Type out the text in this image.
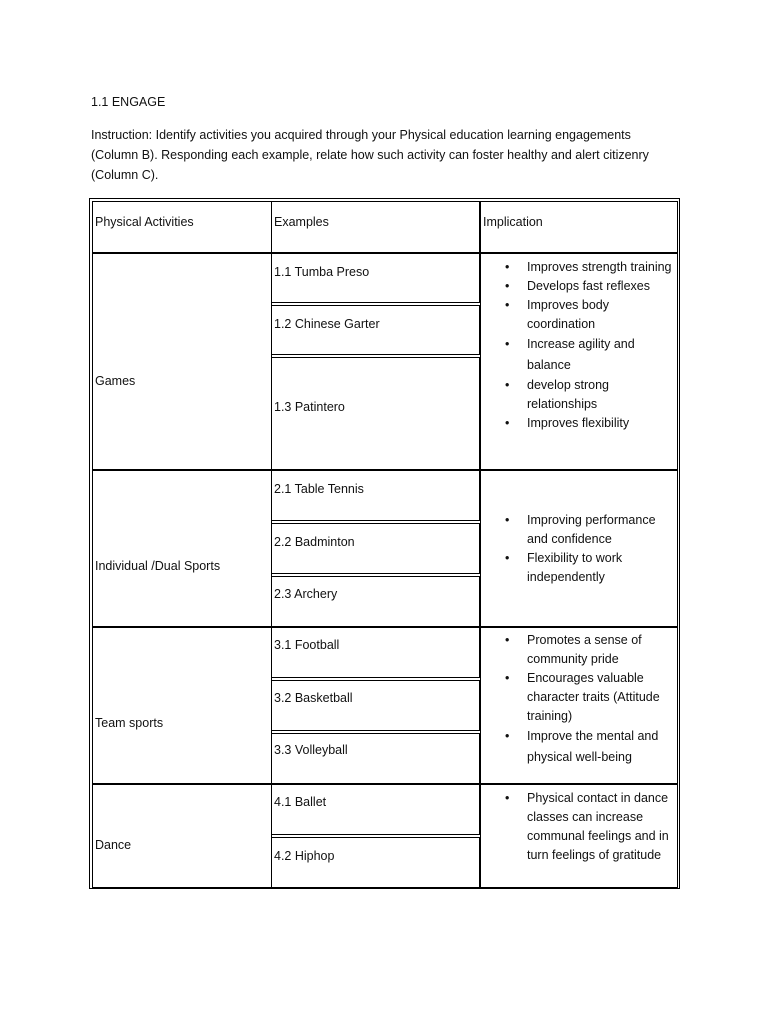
1.1 ENGAGE
Instruction: Identify activities you acquired through your Physical education learning engagements (Column B). Responding each example, relate how such activity can foster healthy and alert citizenry (Column C).
Physical Activities	Examples	Implication
Games
1.1 Tumba Preso
1.2 Chinese Garter
1.3 Patintero
• Improves strength training
• Develops fast reflexes
• Improves body coordination
• Increase agility and balance
• develop strong relationships
• Improves flexibility
Individual /Dual Sports
2.1 Table Tennis
2.2 Badminton
2.3 Archery
• Improving performance and confidence
• Flexibility to work independently
Team sports
3.1 Football
3.2 Basketball
3.3 Volleyball
• Promotes a sense of community pride
• Encourages valuable character traits (Attitude training)
• Improve the mental and physical well-being
Dance
4.1 Ballet
4.2 Hiphop
• Physical contact in dance classes can increase communal feelings and in turn feelings of gratitude
